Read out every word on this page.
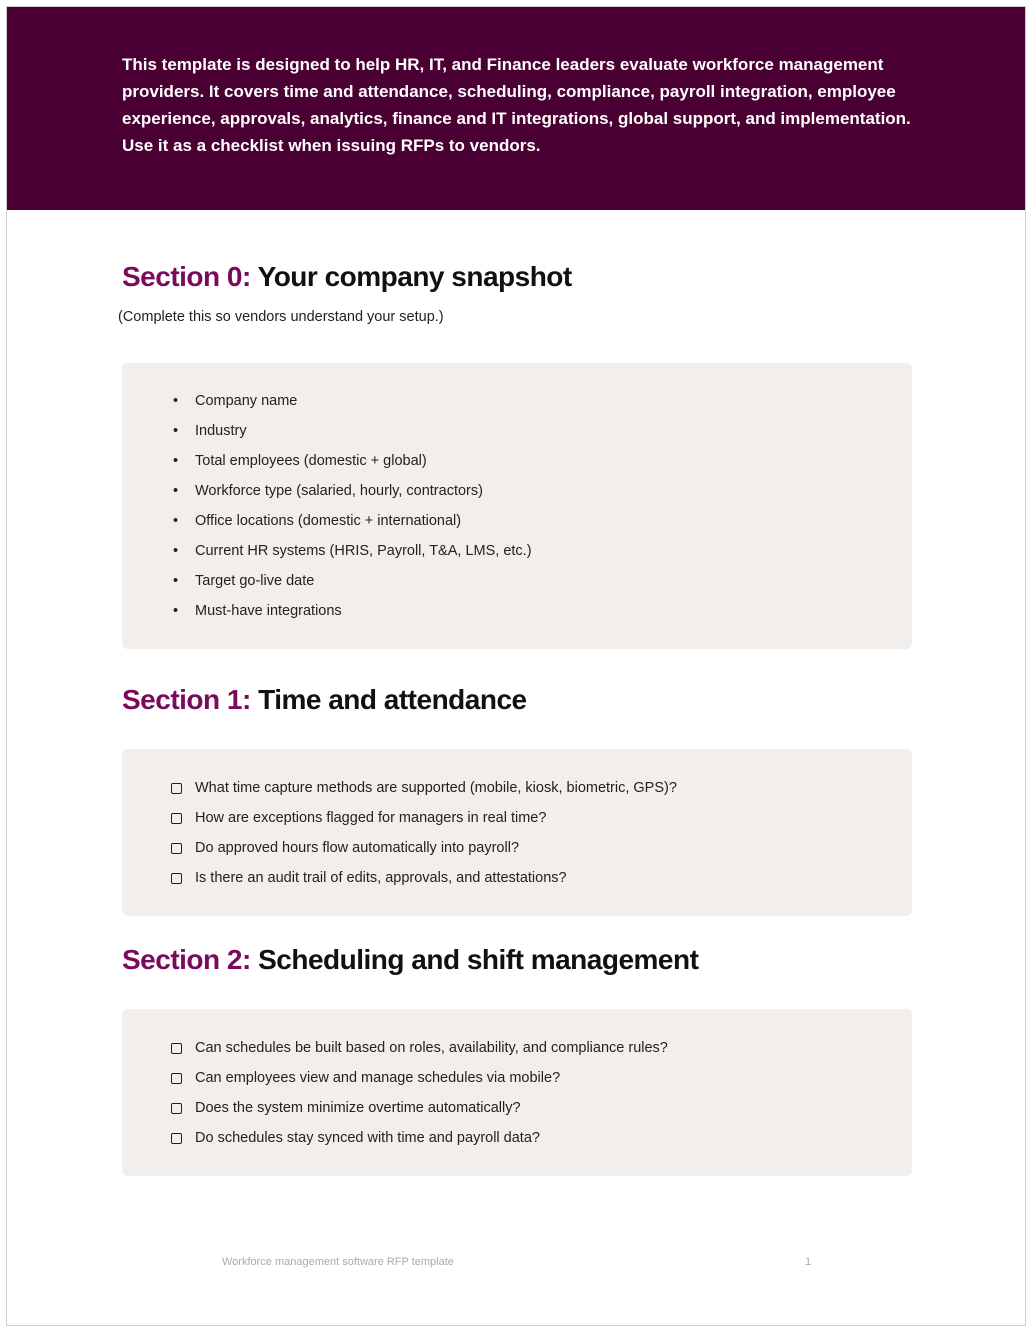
This template is designed to help HR, IT, and Finance leaders evaluate workforce management providers. It covers time and attendance, scheduling, compliance, payroll integration, employee experience, approvals, analytics, finance and IT integrations, global support, and implementation. Use it as a checklist when issuing RFPs to vendors.
Section 0: Your company snapshot
(Complete this so vendors understand your setup.)
• Company name
• Industry
• Total employees (domestic + global)
• Workforce type (salaried, hourly, contractors)
• Office locations (domestic + international)
• Current HR systems (HRIS, Payroll, T&A, LMS, etc.)
• Target go-live date
• Must-have integrations
Section 1: Time and attendance
What time capture methods are supported (mobile, kiosk, biometric, GPS)?
How are exceptions flagged for managers in real time?
Do approved hours flow automatically into payroll?
Is there an audit trail of edits, approvals, and attestations?
Section 2: Scheduling and shift management
Can schedules be built based on roles, availability, and compliance rules?
Can employees view and manage schedules via mobile?
Does the system minimize overtime automatically?
Do schedules stay synced with time and payroll data?
Workforce management software RFP template	1
